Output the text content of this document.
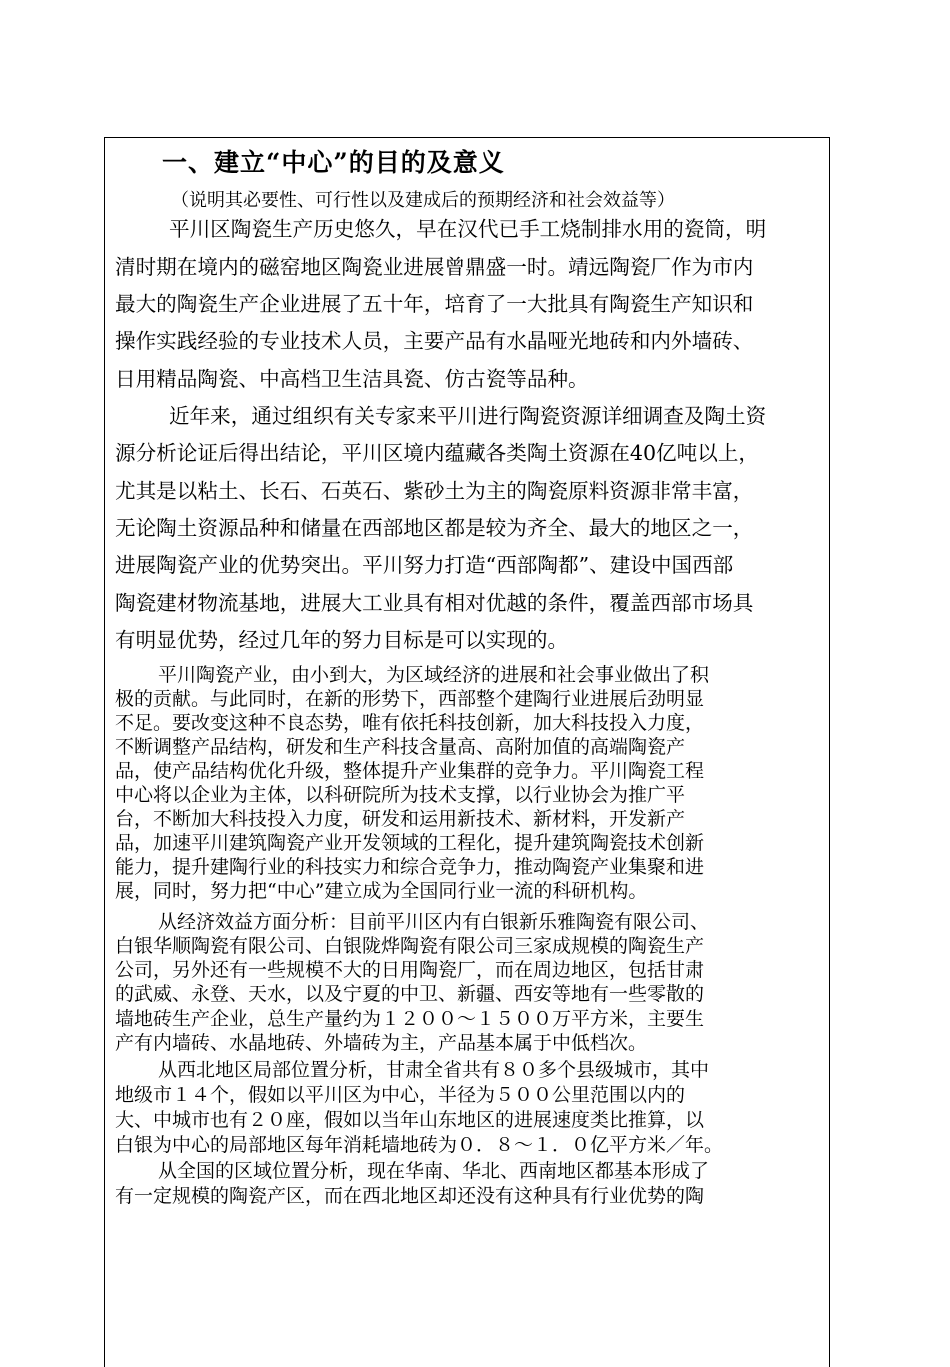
一、建立“中心”的目的及意义
（说明其必要性、可行性以及建成后的预期经济和社会效益等）

平川区陶瓷生产历史悠久，早在汉代已手工烧制排水用的瓷筒，明

清时期在境内的磁窑地区陶瓷业进展曾鼎盛一时。靖远陶瓷厂作为市内

最大的陶瓷生产企业进展了五十年，培育了一大批具有陶瓷生产知识和

操作实践经验的专业技术人员，主要产品有水晶哑光地砖和内外墙砖、

日用精品陶瓷、中高档卫生洁具瓷、仿古瓷等品种。

近年来，通过组织有关专家来平川进行陶瓷资源详细调查及陶土资

源分析论证后得出结论，平川区境内蕴藏各类陶土资源在40亿吨以上，

尤其是以粘土、长石、石英石、紫砂土为主的陶瓷原料资源非常丰富，

无论陶土资源品种和储量在西部地区都是较为齐全、最大的地区之一，

进展陶瓷产业的优势突出。平川努力打造“西部陶都”、建设中国西部

陶瓷建材物流基地，进展大工业具有相对优越的条件，覆盖西部市场具

有明显优势，经过几年的努力目标是可以实现的。

平川陶瓷产业，由小到大，为区域经济的进展和社会事业做出了积

极的贡献。与此同时，在新的形势下，西部整个建陶行业进展后劲明显

不足。要改变这种不良态势，唯有依托科技创新，加大科技投入力度，

不断调整产品结构，研发和生产科技含量高、高附加值的高端陶瓷产

品，使产品结构优化升级，整体提升产业集群的竞争力。平川陶瓷工程

中心将以企业为主体，以科研院所为技术支撑，以行业协会为推广平

台，不断加大科技投入力度，研发和运用新技术、新材料，开发新产

品，加速平川建筑陶瓷产业开发领域的工程化，提升建筑陶瓷技术创新

能力，提升建陶行业的科技实力和综合竞争力，推动陶瓷产业集聚和进

展，同时，努力把“中心”建立成为全国同行业一流的科研机构。

从经济效益方面分析：目前平川区内有白银新乐雅陶瓷有限公司、

白银华顺陶瓷有限公司、白银陇烨陶瓷有限公司三家成规模的陶瓷生产

公司，另外还有一些规模不大的日用陶瓷厂，而在周边地区，包括甘肃

的武威、永登、天水，以及宁夏的中卫、新疆、西安等地有一些零散的

墙地砖生产企业，总生产量约为１２００～１５００万平方米，主要生

产有内墙砖、水晶地砖、外墙砖为主，产品基本属于中低档次。

从西北地区局部位置分析，甘肃全省共有８０多个县级城市，其中

地级市１４个，假如以平川区为中心，半径为５００公里范围以内的

大、中城市也有２０座，假如以当年山东地区的进展速度类比推算，以

白银为中心的局部地区每年消耗墙地砖为０．８～１．０亿平方米／年。

从全国的区域位置分析，现在华南、华北、西南地区都基本形成了

有一定规模的陶瓷产区，而在西北地区却还没有这种具有行业优势的陶
